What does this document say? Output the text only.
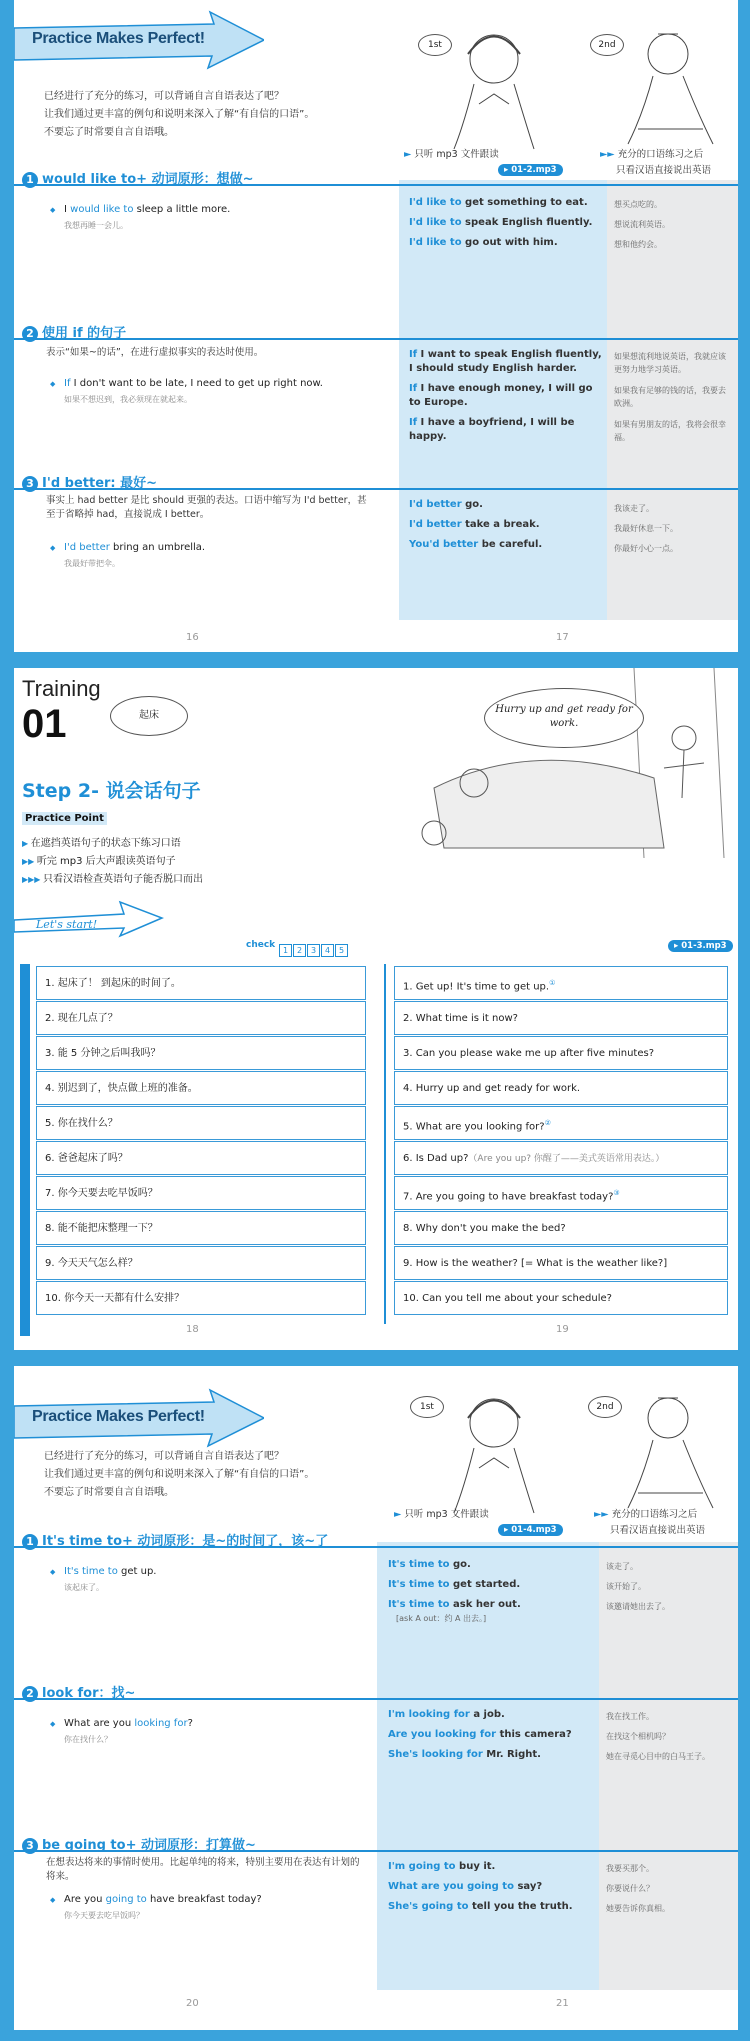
Practice Makes Perfect!
已经进行了充分的练习，可以背诵自言自语表达了吧？
让我们通过更丰富的例句和说明来深入了解“有自信的口语”。
不要忘了时常要自言自语哦。
1st	2nd
► 只听 mp3 文件跟读	►► 充分的口语练习之后
只看汉语直接说出英语
▸ 01-2.mp3
1 would like to+ 动词原形：想做~
◆ I would like to sleep a little more.
我想再睡一会儿。
I'd like to get something to eat.
I'd like to speak English fluently.
I'd like to go out with him.
想买点吃的。
想说流利英语。
想和他约会。
2 使用 if 的句子
表示“如果~的话”，在进行虚拟事实的表达时使用。
◆ If I don't want to be late, I need to get up right now.
如果不想迟到，我必须现在就起来。
If I want to speak English fluently, I should study English harder.
If I have enough money, I will go to Europe.
If I have a boyfriend, I will be happy.
如果想流利地说英语，我就应该更努力地学习英语。
如果我有足够的钱的话，我要去欧洲。
如果有男朋友的话，我将会很幸福。
3 I'd better: 最好~
事实上 had better 是比 should 更强的表达。口语中缩写为 I'd better，甚至于省略掉 had，直接说成 I better。
◆ I'd better bring an umbrella.
我最好带把伞。
I'd better go.
I'd better take a break.
You'd better be careful.
我该走了。
我最好休息一下。
你最好小心一点。
16	17
Training
01	起床
Step 2- 说会话句子
Practice Point
▶ 在遮挡英语句子的状态下练习口语
▶▶ 听完 mp3 后大声跟读英语句子
▶▶▶ 只看汉语检查英语句子能否脱口而出
Hurry up and get ready for work.
Let's start!
check
1 2 3 4 5	▸ 01-3.mp3
18	19
1. 起床了！ 到起床的时间了。	1. Get up! It's time to get up.①
2. 现在几点了？	2. What time is it now?
3. 能 5 分钟之后叫我吗？	3. Can you please wake me up after five minutes?
4. 别迟到了，快点做上班的准备。	4. Hurry up and get ready for work.
5. 你在找什么？	5. What are you looking for?②
6. 爸爸起床了吗？	6. Is Dad up?（Are you up? 你醒了——美式英语常用表达。）
7. 你今天要去吃早饭吗？	7. Are you going to have breakfast today?③
8. 能不能把床整理一下？	8. Why don't you make the bed?
9. 今天天气怎么样？	9. How is the weather? [= What is the weather like?]
10. 你今天一天都有什么安排？	10. Can you tell me about your schedule?
Practice Makes Perfect!
已经进行了充分的练习，可以背诵自言自语表达了吧？
让我们通过更丰富的例句和说明来深入了解“有自信的口语”。
不要忘了时常要自言自语哦。
1st	2nd
► 只听 mp3 文件跟读	►► 充分的口语练习之后
只看汉语直接说出英语
▸ 01-4.mp3
1 It's time to+ 动词原形：是~的时间了，该~了
◆ It's time to get up.
该起床了。
It's time to go.
It's time to get started.
It's time to ask her out.
[ask A out：约 A 出去。]
该走了。
该开始了。
该邀请她出去了。
2 look for：找~
◆ What are you looking for?
你在找什么？
I'm looking for a job.
Are you looking for this camera?
She's looking for Mr. Right.
我在找工作。
在找这个相机吗？
她在寻觅心目中的白马王子。
3 be going to+ 动词原形：打算做~
在想表达将来的事情时使用。比起单纯的将来，特别主要用在表达有计划的将来。
◆ Are you going to have breakfast today?
你今天要去吃早饭吗？
I'm going to buy it.
What are you going to say?
She's going to tell you the truth.
我要买那个。
你要说什么？
她要告诉你真相。
20	21
